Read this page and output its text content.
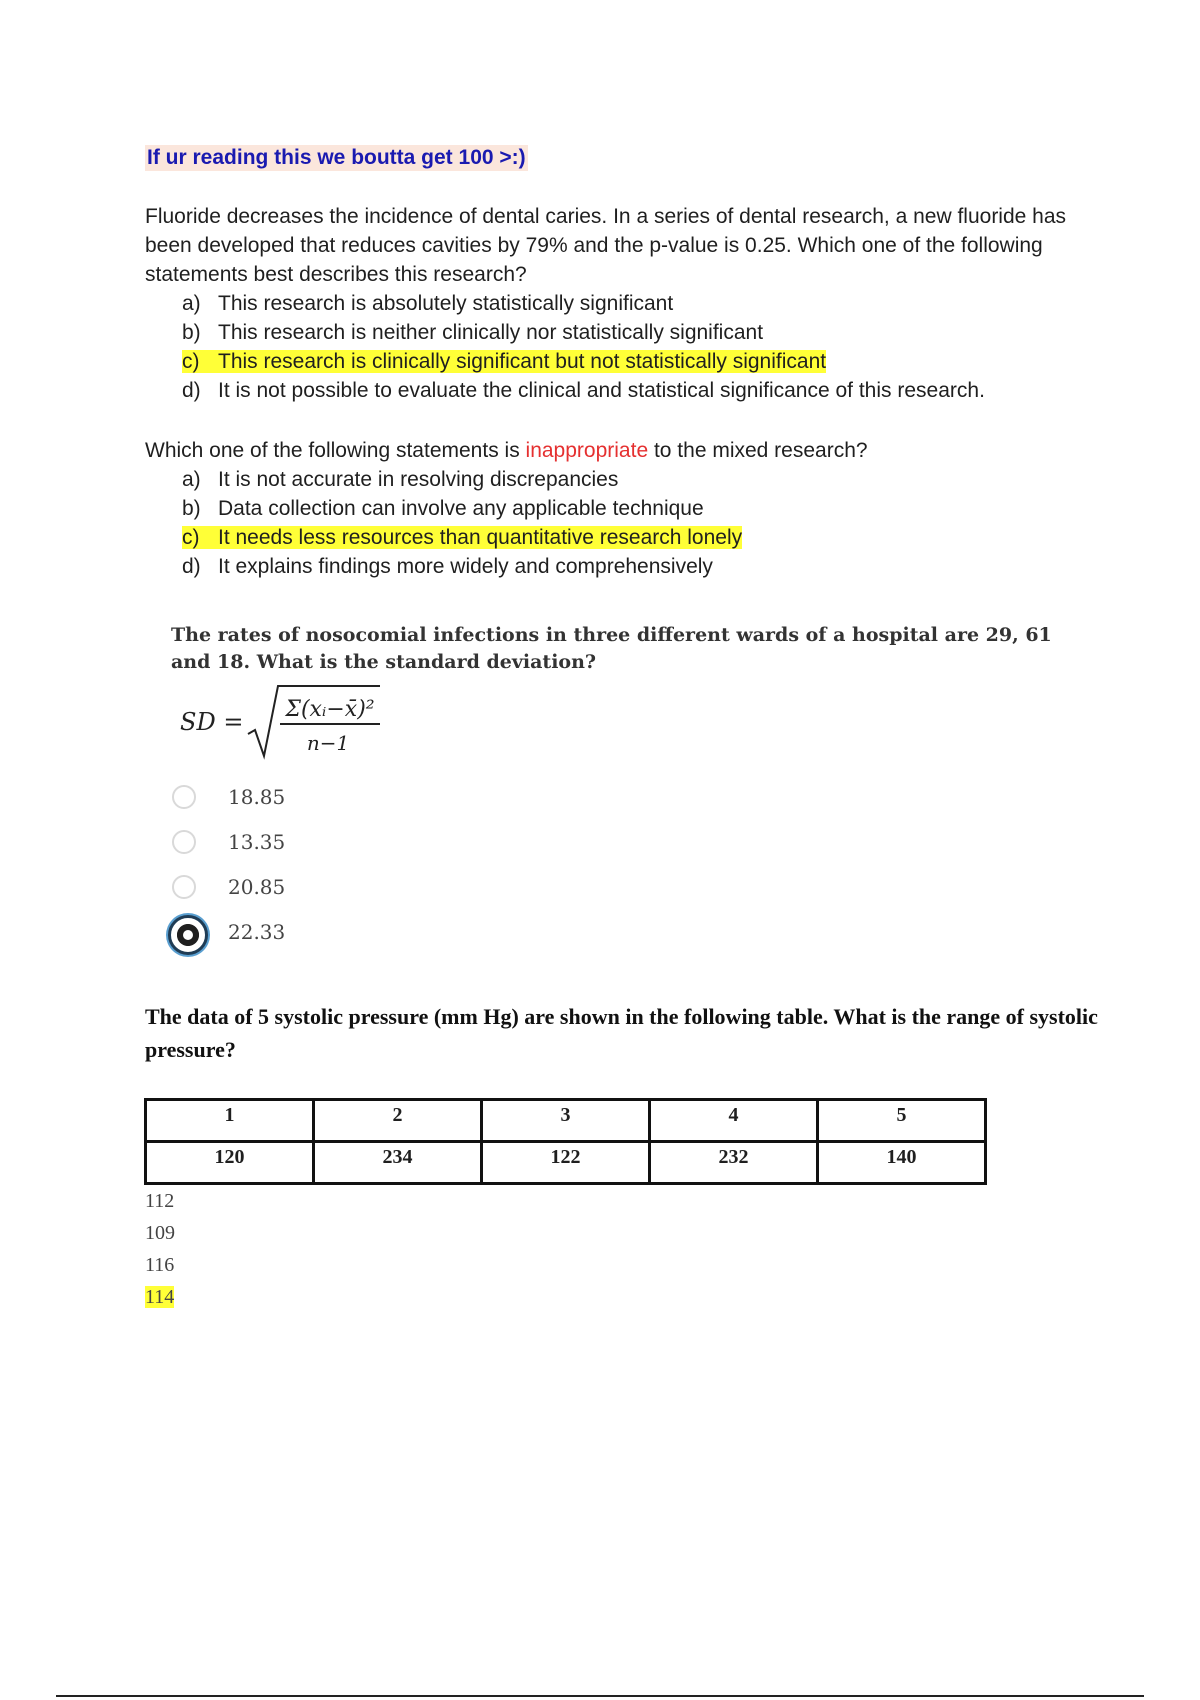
If ur reading this we boutta get 100 >:)
Fluoride decreases the incidence of dental caries. In a series of dental research, a new fluoride has been developed that reduces cavities by 79% and the p-value is 0.25. Which one of the following statements best describes this research?
a) This research is absolutely statistically significant
b) This research is neither clinically nor statistically significant
c) This research is clinically significant but not statistically significant
d) It is not possible to evaluate the clinical and statistical significance of this research.
Which one of the following statements is inappropriate to the mixed research?
a) It is not accurate in resolving discrepancies
b) Data collection can involve any applicable technique
c) It needs less resources than quantitative research lonely
d) It explains findings more widely and comprehensively
The rates of nosocomial infections in three different wards of a hospital are 29, 61 and 18. What is the standard deviation?
SD = Σ(xᵢ−x̄)²
n−1
18.85
13.35
20.85
22.33
The data of 5 systolic pressure (mm Hg) are shown in the following table. What is the range of systolic pressure?
1	2	3	4	5
120	234	122	232	140
112
109
116
114
